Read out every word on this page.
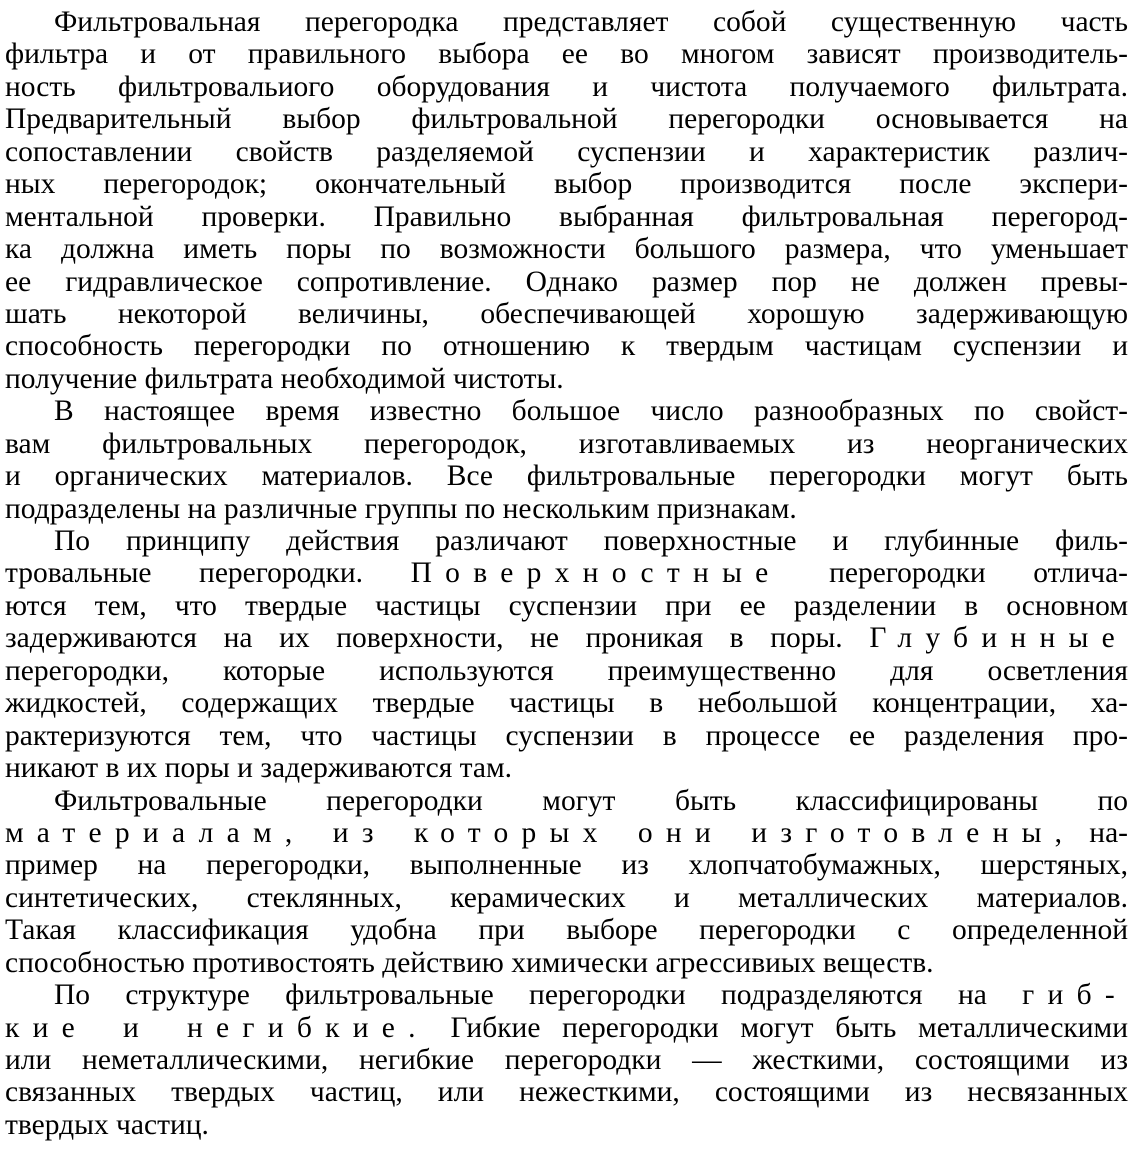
Фильтровальная перегородка представляет собой существенную часть
фильтра и от правильного выбора ее во многом зависят производитель-
ность фильтровальиого оборудования и чистота получаемого фильтрата.
Предварительный выбор фильтровальной перегородки основывается на
сопоставлении свойств разделяемой суспензии и характеристик различ-
ных перегородок; окончательный выбор производится после экспери-
ментальной проверки. Правильно выбранная фильтровальная перегород-
ка должна иметь поры по возможности большого размера, что уменьшает
ее гидравлическое сопротивление. Однако размер пор не должен превы-
шать некоторой величины, обеспечивающей хорошую задерживающую
способность перегородки по отношению к твердым частицам суспензии и
получение фильтрата необходимой чистоты.
В настоящее время известно большое число разнообразных по свойст-
вам фильтровальных перегородок, изготавливаемых из неорганических
и органических материалов. Все фильтровальные перегородки могут быть
подразделены на различные группы по нескольким признакам.
По принципу действия различают поверхностные и глубинные филь-
тровальные перегородки. Поверхностные перегородки отлича-
ются тем, что твердые частицы суспензии при ее разделении в основном
задерживаются на их поверхности, не проникая в поры. Глубинные
перегородки, которые используются преимущественно для осветления
жидкостей, содержащих твердые частицы в небольшой концентрации, ха-
рактеризуются тем, что частицы суспензии в процессе ее разделения про-
никают в их поры и задерживаются там.
Фильтровальные перегородки могут быть классифицированы по
материалам, из которых они изготовлены, на-
пример на перегородки, выполненные из хлопчатобумажных, шерстяных,
синтетических, стеклянных, керамических и металлических материалов.
Такая классификация удобна при выборе перегородки с определенной
способностью противостоять действию химически агрессивиых веществ.
По структуре фильтровальные перегородки подразделяются на гиб-
кие и негибкие. Гибкие перегородки могут быть металлическими
или неметаллическими, негибкие перегородки — жесткими, состоящими из
связанных твердых частиц, или нежесткими, состоящими из несвязанных
твердых частиц.
